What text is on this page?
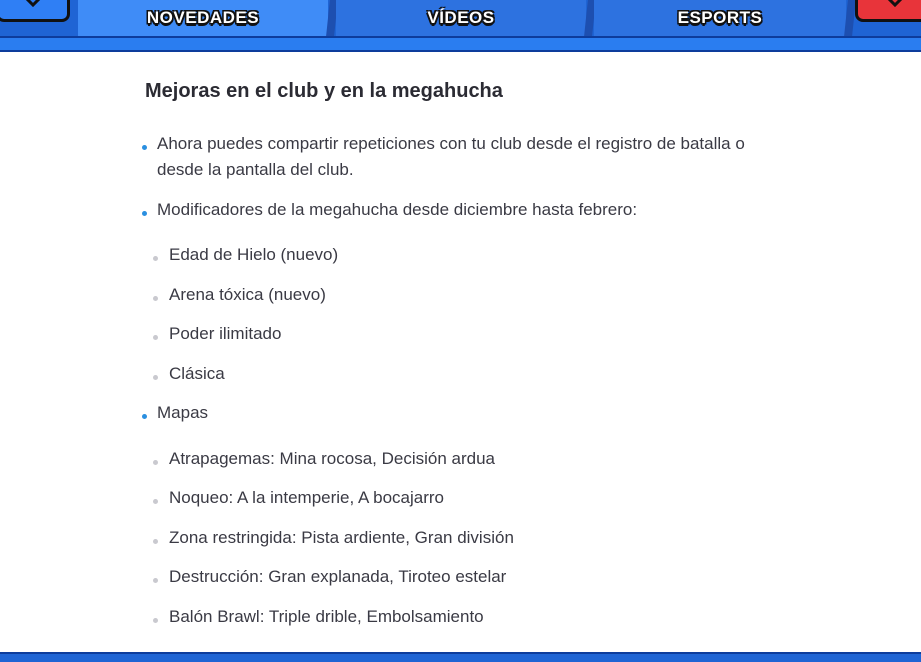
NOVEDADES	VÍDEOS	ESPORTS
Mejoras en el club y en la megahucha
Ahora puedes compartir repeticiones con tu club desde el registro de batalla o desde la pantalla del club.
Modificadores de la megahucha desde diciembre hasta febrero:
Edad de Hielo (nuevo)
Arena tóxica (nuevo)
Poder ilimitado
Clásica
Mapas
Atrapagemas: Mina rocosa, Decisión ardua
Noqueo: A la intemperie, A bocajarro
Zona restringida: Pista ardiente, Gran división
Destrucción: Gran explanada, Tiroteo estelar
Balón Brawl: Triple drible, Embolsamiento
